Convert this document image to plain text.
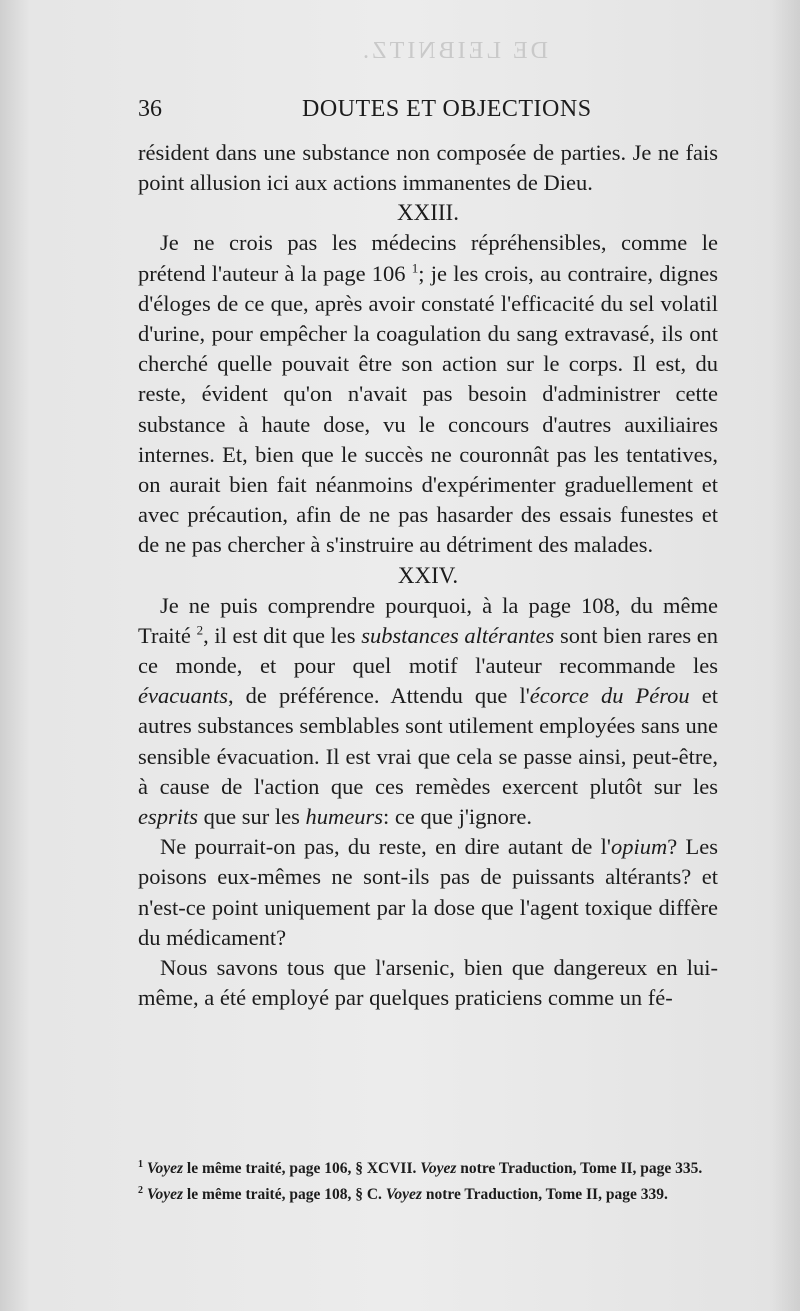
DE LEIBNITZ.
36	DOUTES ET OBJECTIONS

résident dans une substance non composée de parties. Je ne fais point allusion ici aux actions immanentes de Dieu.

XXIII.

Je ne crois pas les médecins répréhensibles, comme le prétend l'auteur à la page 106 $^1$; je les crois, au contraire, dignes d'éloges de ce que, après avoir constaté l'efficacité du sel volatil d'urine, pour empêcher la coagulation du sang extravasé, ils ont cherché quelle pouvait être son action sur le corps. Il est, du reste, évident qu'on n'avait pas besoin d'administrer cette substance à haute dose, vu le concours d'autres auxiliaires internes. Et, bien que le succès ne couronnât pas les tentatives, on aurait bien fait néanmoins d'expérimenter graduellement et avec précaution, afin de ne pas hasarder des essais funestes et de ne pas chercher à s'instruire au détriment des malades.

XXIV.

Je ne puis comprendre pourquoi, à la page 108, du même Traité $^2$, il est dit que les substances altérantes sont bien rares en ce monde, et pour quel motif l'auteur recommande les évacuants, de préférence. Attendu que l'écorce du Pérou et autres substances semblables sont utilement employées sans une sensible évacuation. Il est vrai que cela se passe ainsi, peut-être, à cause de l'action que ces remèdes exercent plutôt sur les esprits que sur les humeurs: ce que j'ignore.

Ne pourrait-on pas, du reste, en dire autant de l'opium? Les poisons eux-mêmes ne sont-ils pas de puissants altérants? et n'est-ce point uniquement par la dose que l'agent toxique diffère du médicament?

Nous savons tous que l'arsenic, bien que dangereux en lui-même, a été employé par quelques praticiens comme un fé-

$^1$ Voyez le même traité, page 106, § XCVII. Voyez notre Traduction, Tome II, page 335.

$^2$ Voyez le même traité, page 108, § C. Voyez notre Traduction, Tome II, page 339.
